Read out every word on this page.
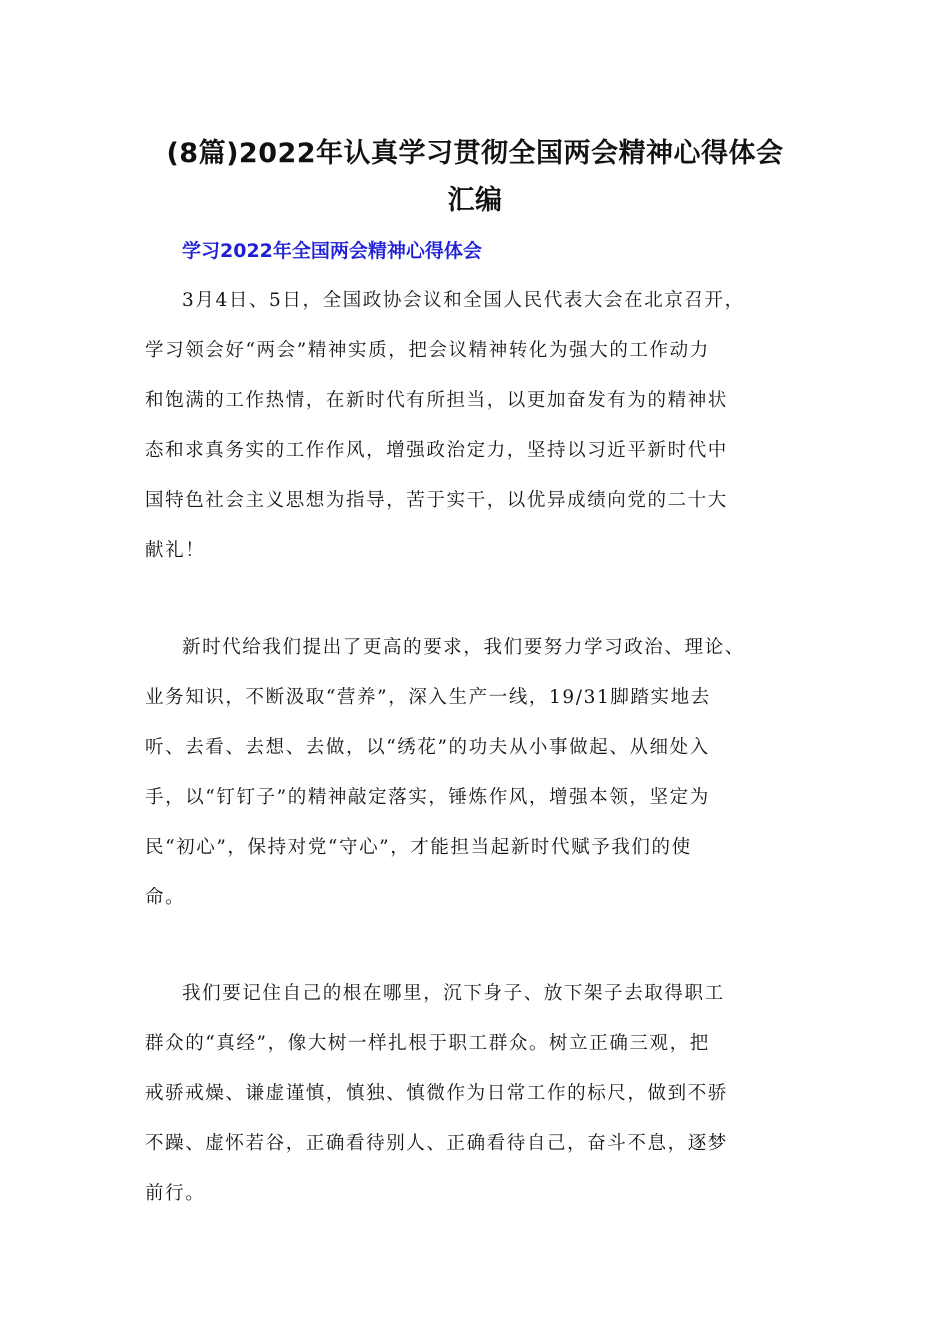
(8篇)2022年认真学习贯彻全国两会精神心得体会
汇编
学习2022年全国两会精神心得体会
3月4日、5日，全国政协会议和全国人民代表大会在北京召开，
学习领会好“两会”精神实质，把会议精神转化为强大的工作动力
和饱满的工作热情，在新时代有所担当，以更加奋发有为的精神状
态和求真务实的工作作风，增强政治定力，坚持以习近平新时代中
国特色社会主义思想为指导，苦于实干，以优异成绩向党的二十大
献礼！
新时代给我们提出了更高的要求，我们要努力学习政治、理论、
业务知识，不断汲取“营养”，深入生产一线，19/31脚踏实地去
听、去看、去想、去做，以“绣花”的功夫从小事做起、从细处入
手，以“钉钉子”的精神敲定落实，锤炼作风，增强本领，坚定为
民“初心”，保持对党“守心”，才能担当起新时代赋予我们的使
命。
我们要记住自己的根在哪里，沉下身子、放下架子去取得职工
群众的“真经”，像大树一样扎根于职工群众。树立正确三观，把
戒骄戒燥、谦虚谨慎，慎独、慎微作为日常工作的标尺，做到不骄
不躁、虚怀若谷，正确看待别人、正确看待自己，奋斗不息，逐梦
前行。
